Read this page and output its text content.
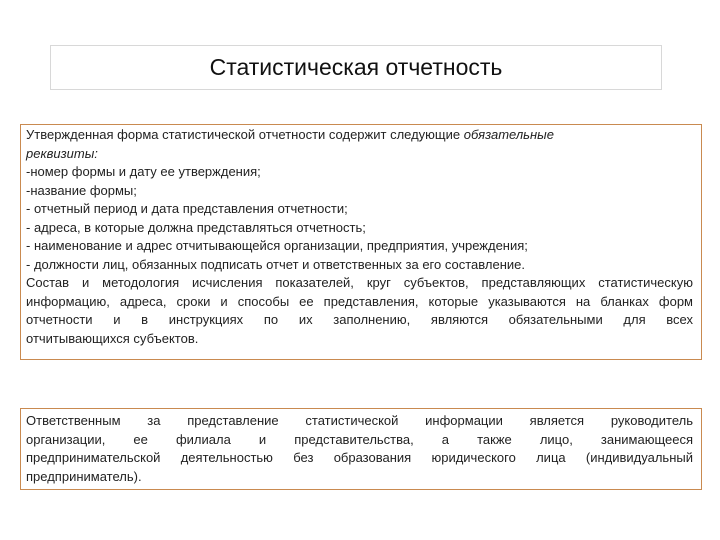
Статистическая отчетность
Утвержденная форма статистической отчетности содержит следующие обязательные
реквизиты:
-номер формы и дату ее утверждения;
-название формы;
- отчетный период и дата представления отчетности;
- адреса, в которые должна представляться отчетность;
- наименование и адрес отчитывающейся организации, предприятия, учреждения;
- должности лиц, обязанных подписать отчет и ответственных за его составление.
Состав и методология исчисления показателей, круг субъектов, представляющих статистическую
информацию, адреса, сроки и способы ее представления, которые указываются на бланках форм
отчетности и в инструкциях по их заполнению, являются обязательными для всех
отчитывающихся субъектов.
Ответственным за представление статистической информации является руководитель
организации, ее филиала и представительства, а также лицо, занимающееся
предпринимательской деятельностью без образования юридического лица (индивидуальный
предприниматель).
